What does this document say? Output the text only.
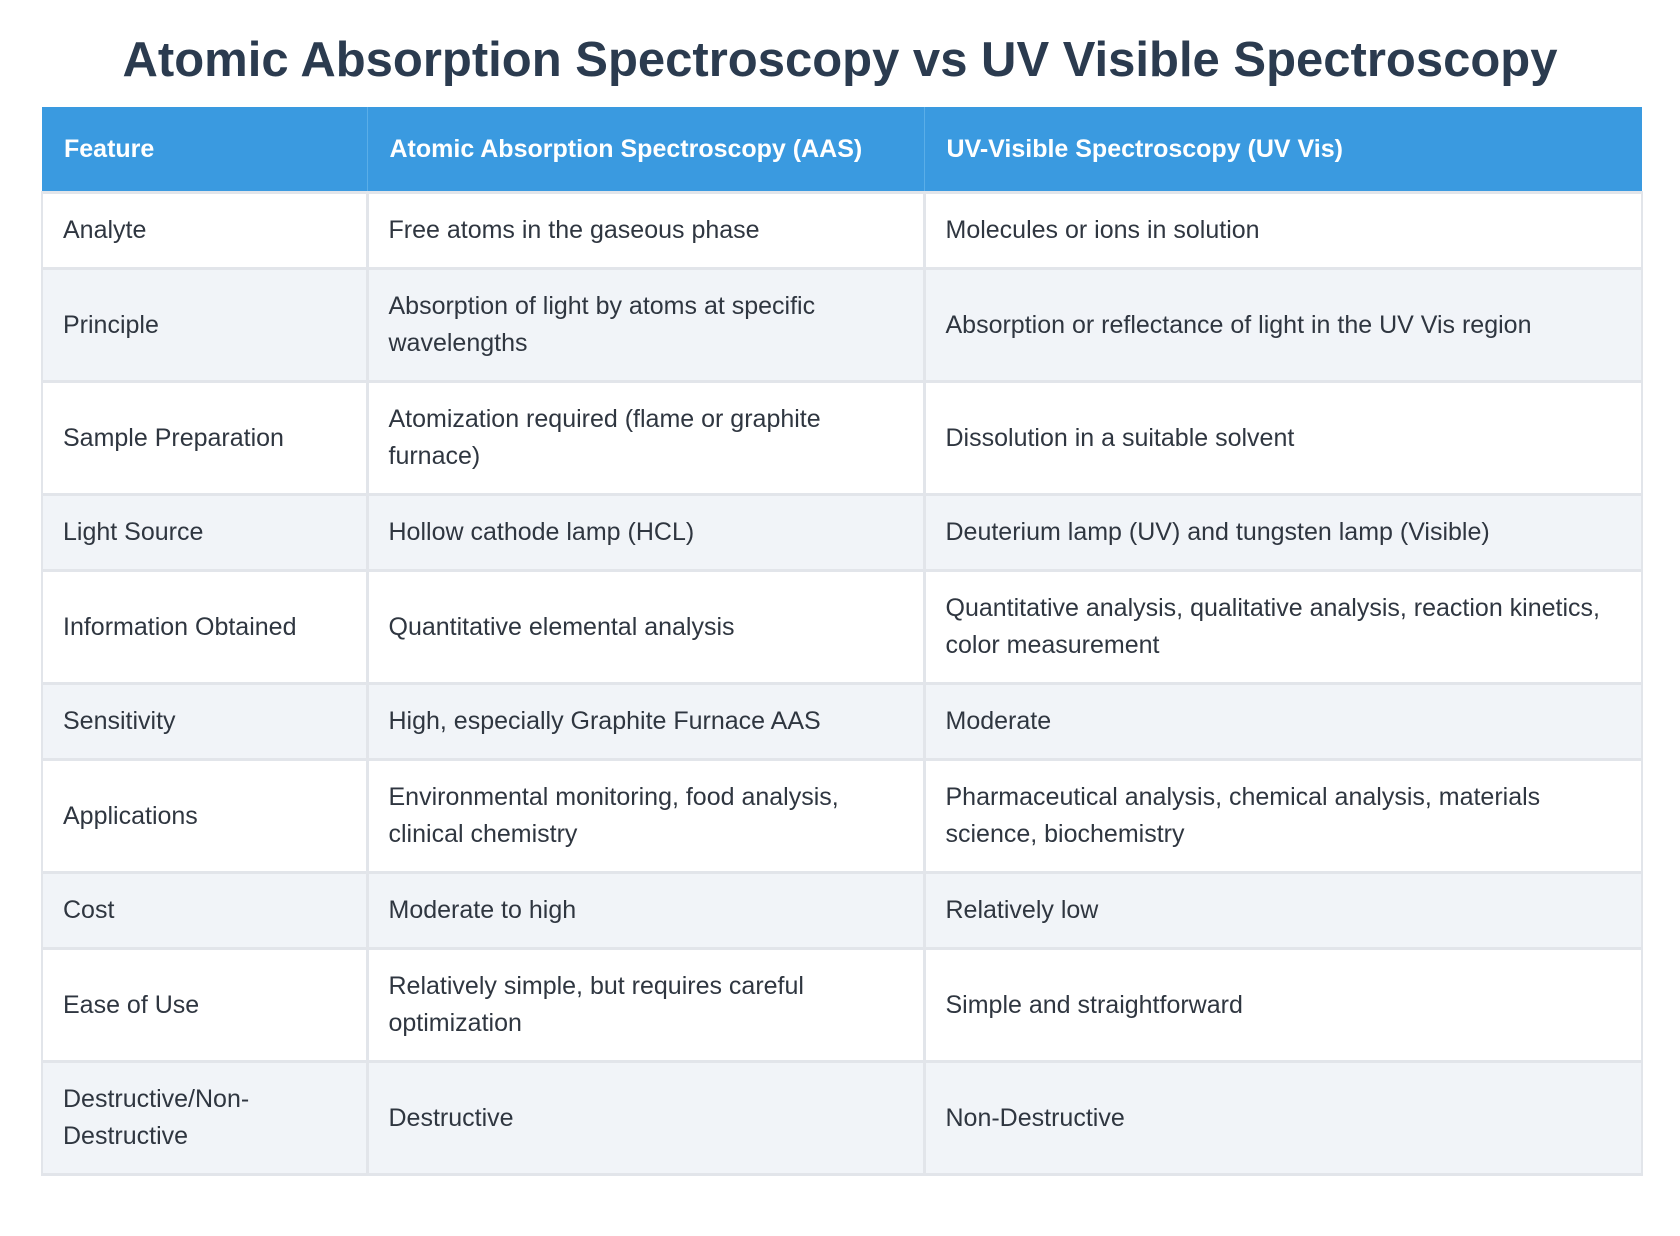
Atomic Absorption Spectroscopy vs UV Visible Spectroscopy
Feature	Atomic Absorption Spectroscopy (AAS)	UV-Visible Spectroscopy (UV Vis)
Analyte	Free atoms in the gaseous phase	Molecules or ions in solution
Principle	Absorption of light by atoms at specific wavelengths	Absorption or reflectance of light in the UV Vis region
Sample Preparation	Atomization required (flame or graphite furnace)	Dissolution in a suitable solvent
Light Source	Hollow cathode lamp (HCL)	Deuterium lamp (UV) and tungsten lamp (Visible)
Information Obtained	Quantitative elemental analysis	Quantitative analysis, qualitative analysis, reaction kinetics, color measurement
Sensitivity	High, especially Graphite Furnace AAS	Moderate
Applications	Environmental monitoring, food analysis, clinical chemistry	Pharmaceutical analysis, chemical analysis, materials science, biochemistry
Cost	Moderate to high	Relatively low
Ease of Use	Relatively simple, but requires careful optimization	Simple and straightforward
Destructive/Non-Destructive	Destructive	Non-Destructive
